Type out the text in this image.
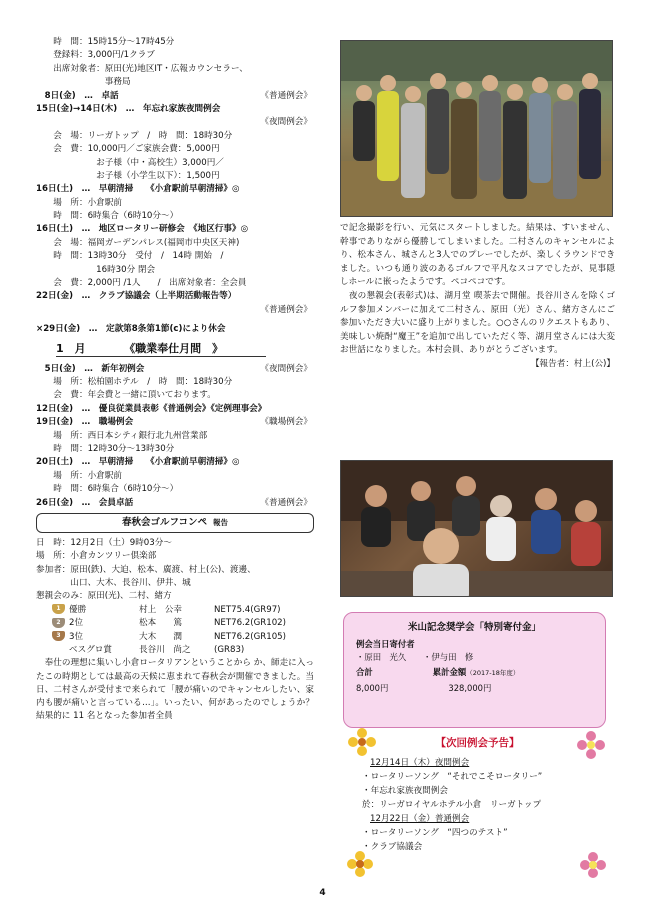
　　時　間：15時15分～17時45分
　　登録料：3,000円/1クラブ
　　出席対象者：原田(光)地区IT・広報カウンセラー、
　　　　　　　　事務局
　8日(金)　…　卓話	《普通例会》
15日(金)→14日(木)　…　年忘れ家族夜間例会
《夜間例会》
　　会　場：リーガトップ　/　時　間：18時30分
　　会　費：10,000円／ご家族会費：5,000円
　　　　　　　お子様（中・高校生）3,000円／
　　　　　　　お子様（小学生以下）：1,500円
16日(土)　…　早朝清掃　　《小倉駅前早朝清掃》◎
　　場　所：小倉駅前
　　時　間：6時集合（6時10分～）
16日(土)　…　地区ロータリー研修会　《地区行事》◎
　　会　場：福岡ガーデンパレス(福岡市中央区天神)
　　時　間：13時30分　受付　/　14時 開始　/
　　　　　　　16時30分 閉会
　　会　費：2,000円 /1人　　/　出席対象者：全会員
22日(金)　…　クラブ協議会（上半期活動報告等）
《普通例会》
×29日(金)　…　定款第8条第1節(c)により休会
1　月　　　　《職業奉仕月間　》
　5日(金)　…　新年初例会	《夜間例会》
　　場　所：松柏園ホテル　/　時　間：18時30分
　　会　費：年会費と一緒に頂いております。
12日(金)　…　優良従業員表彰《普通例会》《定例理事会》
19日(金)　…　職場例会	《職場例会》
　　場　所：西日本シティ銀行北九州営業部
　　時　間：12時30分～13時30分
20日(土)　…　早朝清掃　　《小倉駅前早朝清掃》◎
　　場　所：小倉駅前
　　時　間：6時集合（6時10分～）
26日(金)　…　会員卓話	《普通例会》
春秋会ゴルフコンペ 報告
日　時：12月2日（土）9時03分～
場　所：小倉カンツリー倶楽部
参加者：原田(鉄)、大迫、松本、廣渡、村上(公)、渡邊、
　　　　山口、大木、長谷川、伊井、城
懇親会のみ：原田(光)、二村、緒方
1 優勝	村上　公幸	NET75.4(GR97)
2 2位	松本　　篤	NET76.2(GR102)
3 3位	大木　　潤	NET76.2(GR105)
ベスグロ賞	長谷川　尚之	(GR83)
　奉仕の理想に集いし小倉ロータリアンということから か、師走に入ったこの時期としては最高の天候に恵まれて春秋会が開催できました。当日、二村さんが受付まで来られて「腰が痛いのでキャンセルしたい、家内も腰が痛いと言っている…」。いったい、何があったのでしょうか？　結果的に 11 名となった参加者全員
で記念撮影を行い、元気にスタートしました。結果は、すいません、幹事でありながら優勝してしまいました。二村さんのキャンセルにより、松本さん、城さんと3人でのプレーでしたが、楽しくラウンドできました。いつも通り波のあるゴルフで平凡なスコアでしたが、見事隠しホールに嵌ったようです。ペコペコです。
　夜の懇親会(表彰式)は、湖月堂 喫茶去で開催。長谷川さんを除くゴルフ参加メンバーに加えて二村さん、原田（光）さん、緒方さんにご参加いただき大いに盛り上がりました。○○さんのリクエストもあり、美味しい焼酎“魔王”を追加で出していただく等、湖月堂さんには大変お世話になりました。本村会員、ありがとうございます。
【報告者：村上(公)】
米山記念奨学会「特別寄付金」
例会当日寄付者
・原田　光久　　・伊与田　修
合計	累計金額（2017-18年度）
8,000円	328,000円
【次回例会予告】
12月14日（木）夜間例会
・ロータリーソング　“それでこそロータリー”
・年忘れ家族夜間例会
於：リーガロイヤルホテル小倉　リーガトップ
12月22日（金）普通例会
・ロータリーソング　“四つのテスト”
・クラブ協議会
4
